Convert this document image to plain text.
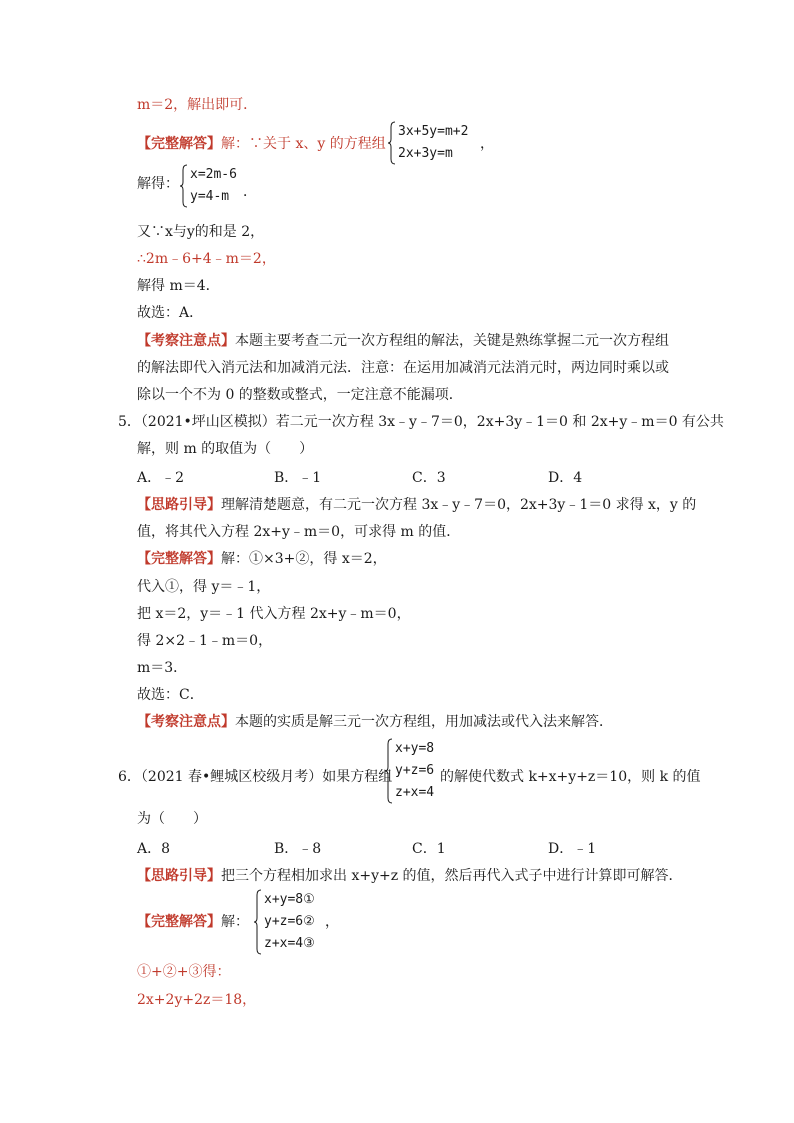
m＝2，解出即可．
【完整解答】解：∵关于 x、y 的方程组
3x+5y=m+2
2x+3y=m
，
解得：
x=2m-6
y=4-m ．
又∵x与y的和是 2，
∴2m﹣6+4﹣m＝2，
解得 m＝4．
故选：A．
【考察注意点】本题主要考查二元一次方程组的解法，关键是熟练掌握二元一次方程组
的解法即代入消元法和加减消元法．注意：在运用加减消元法消元时，两边同时乘以或
除以一个不为 0 的整数或整式，一定注意不能漏项．
5．（2021•坪山区模拟）若二元一次方程 3x﹣y﹣7＝0，2x+3y﹣1＝0 和 2x+y﹣m＝0 有公共
解，则 m 的取值为（　　）
A．﹣2	B．﹣1	C．3	D．4
【思路引导】理解清楚题意，有二元一次方程 3x﹣y﹣7＝0，2x+3y﹣1＝0 求得 x，y 的
值，将其代入方程 2x+y﹣m＝0，可求得 m 的值．
【完整解答】解：①×3+②，得 x＝2，
代入①，得 y＝﹣1，
把 x＝2，y＝﹣1 代入方程 2x+y﹣m＝0，
得 2×2﹣1﹣m＝0，
m＝3．
故选：C．
【考察注意点】本题的实质是解三元一次方程组，用加减法或代入法来解答．
6．（2021 春•鲤城区校级月考）如果方程组
x+y=8
y+z=6
z+x=4
的解使代数式 k+x+y+z＝10，则 k 的值
为（　　）
A．8	B．﹣8	C．1	D．﹣1
【思路引导】把三个方程相加求出 x+y+z 的值，然后再代入式子中进行计算即可解答．
【完整解答】解：
x+y=8①
y+z=6②
z+x=4③
，
①+②+③得：
2x+2y+2z＝18，
